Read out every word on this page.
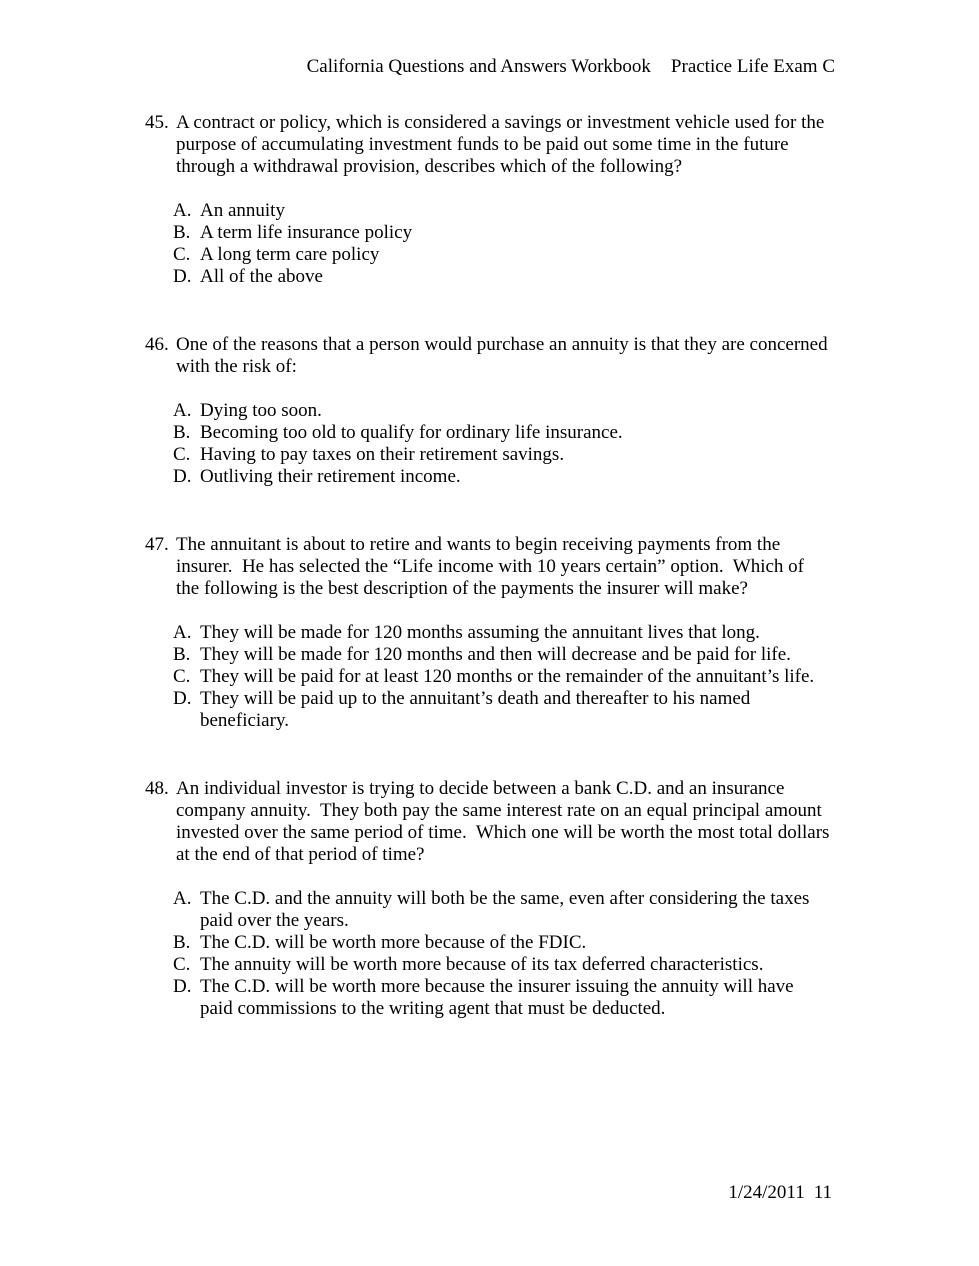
California Questions and Answers Workbook Practice Life Exam C
45. A contract or policy, which is considered a savings or investment vehicle used for the
purpose of accumulating investment funds to be paid out some time in the future
through a withdrawal provision, describes which of the following?
A. An annuity
B. A term life insurance policy
C. A long term care policy
D. All of the above
46. One of the reasons that a person would purchase an annuity is that they are concerned
with the risk of:
A. Dying too soon.
B. Becoming too old to qualify for ordinary life insurance.
C. Having to pay taxes on their retirement savings.
D. Outliving their retirement income.
47. The annuitant is about to retire and wants to begin receiving payments from the
insurer.  He has selected the “Life income with 10 years certain” option.  Which of
the following is the best description of the payments the insurer will make?
A. They will be made for 120 months assuming the annuitant lives that long.
B. They will be made for 120 months and then will decrease and be paid for life.
C. They will be paid for at least 120 months or the remainder of the annuitant’s life.
D. They will be paid up to the annuitant’s death and thereafter to his named
beneficiary.
48. An individual investor is trying to decide between a bank C.D. and an insurance
company annuity.  They both pay the same interest rate on an equal principal amount
invested over the same period of time.  Which one will be worth the most total dollars
at the end of that period of time?
A. The C.D. and the annuity will both be the same, even after considering the taxes
paid over the years.
B. The C.D. will be worth more because of the FDIC.
C. The annuity will be worth more because of its tax deferred characteristics.
D. The C.D. will be worth more because the insurer issuing the annuity will have
paid commissions to the writing agent that must be deducted.
1/24/2011 11
